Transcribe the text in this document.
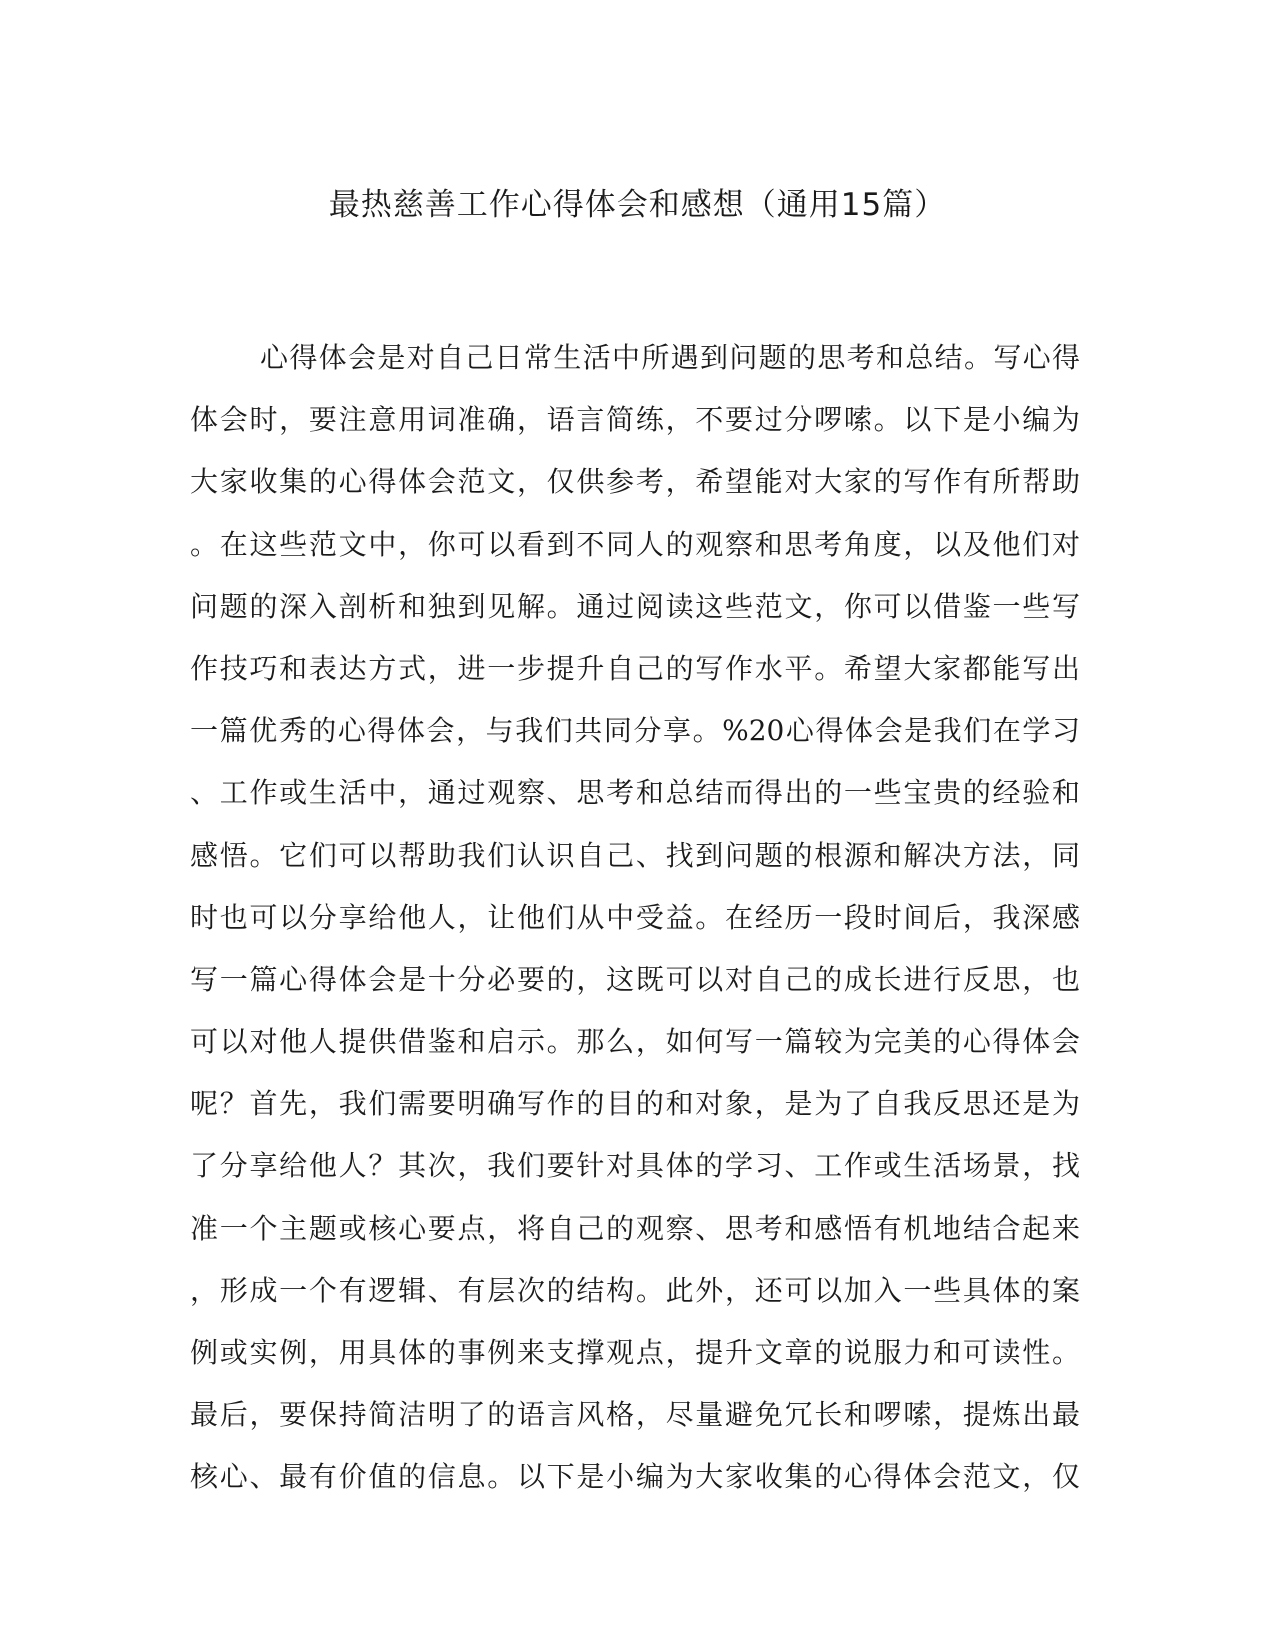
最热慈善工作心得体会和感想（通用15篇）
心得体会是对自己日常生活中所遇到问题的思考和总结。写心得
体会时，要注意用词准确，语言简练，不要过分啰嗦。以下是小编为
大家收集的心得体会范文，仅供参考，希望能对大家的写作有所帮助
。在这些范文中，你可以看到不同人的观察和思考角度，以及他们对
问题的深入剖析和独到见解。通过阅读这些范文，你可以借鉴一些写
作技巧和表达方式，进一步提升自己的写作水平。希望大家都能写出
一篇优秀的心得体会，与我们共同分享。%20心得体会是我们在学习
、工作或生活中，通过观察、思考和总结而得出的一些宝贵的经验和
感悟。它们可以帮助我们认识自己、找到问题的根源和解决方法，同
时也可以分享给他人，让他们从中受益。在经历一段时间后，我深感
写一篇心得体会是十分必要的，这既可以对自己的成长进行反思，也
可以对他人提供借鉴和启示。那么，如何写一篇较为完美的心得体会
呢？首先，我们需要明确写作的目的和对象，是为了自我反思还是为
了分享给他人？其次，我们要针对具体的学习、工作或生活场景，找
准一个主题或核心要点，将自己的观察、思考和感悟有机地结合起来
，形成一个有逻辑、有层次的结构。此外，还可以加入一些具体的案
例或实例，用具体的事例来支撑观点，提升文章的说服力和可读性。
最后，要保持简洁明了的语言风格，尽量避免冗长和啰嗦，提炼出最
核心、最有价值的信息。以下是小编为大家收集的心得体会范文，仅
